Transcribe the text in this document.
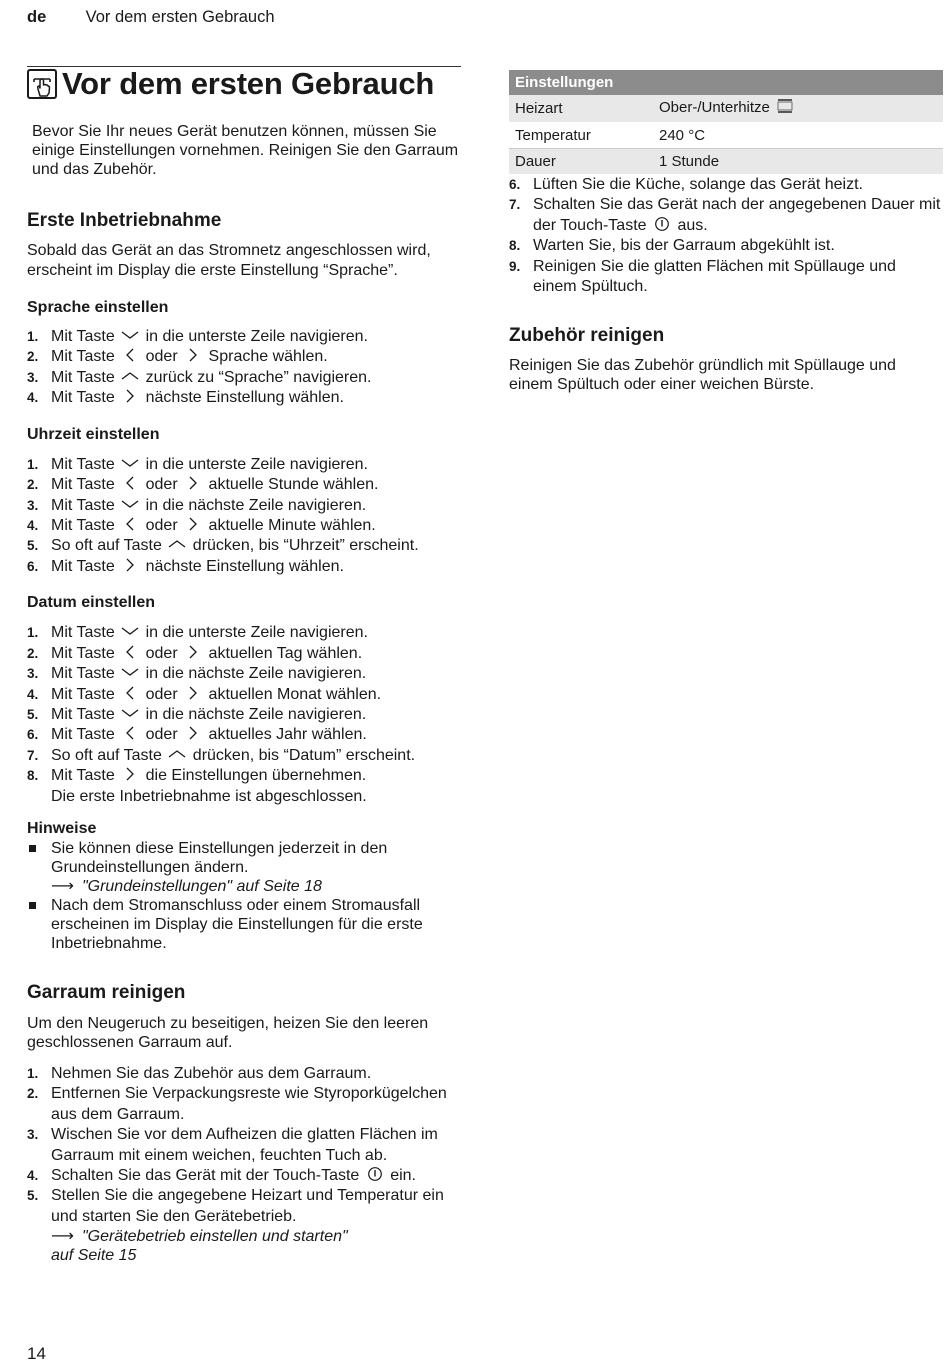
de Vor dem ersten Gebrauch
Vor dem ersten Gebrauch

Bevor Sie Ihr neues Gerät benutzen können, müssen Sie einige Einstellungen vornehmen. Reinigen Sie den Garraum und das Zubehör.

Erste Inbetriebnahme

Sobald das Gerät an das Stromnetz angeschlossen wird, erscheint im Display die erste Einstellung “Sprache”.

Sprache einstellen
1. Mit Taste
in die unterste Zeile navigieren.
2. Mit Taste
oder
Sprache wählen.
3. Mit Taste
zurück zu “Sprache” navigieren.
4. Mit Taste
nächste Einstellung wählen.
Uhrzeit einstellen
1. Mit Taste
in die unterste Zeile navigieren.
2. Mit Taste
oder
aktuelle Stunde wählen.
3. Mit Taste
in die nächste Zeile navigieren.
4. Mit Taste
oder
aktuelle Minute wählen.
5. So oft auf Taste
drücken, bis “Uhrzeit” erscheint.
6. Mit Taste
nächste Einstellung wählen.
Datum einstellen
1. Mit Taste
in die unterste Zeile navigieren.
2. Mit Taste
oder
aktuellen Tag wählen.
3. Mit Taste
in die nächste Zeile navigieren.
4. Mit Taste
oder
aktuellen Monat wählen.
5. Mit Taste
in die nächste Zeile navigieren.
6. Mit Taste
oder
aktuelles Jahr wählen.
7. So oft auf Taste
drücken, bis “Datum” erscheint.
8. Mit Taste
die Einstellungen übernehmen.

Die erste Inbetriebnahme ist abgeschlossen.

Hinweise
Sie können diese Einstellungen jederzeit in den Grundeinstellungen ändern.
⟶ "Grundeinstellungen" auf Seite 18
Nach dem Stromanschluss oder einem Stromausfall erscheinen im Display die Einstellungen für die erste Inbetriebnahme.
Garraum reinigen

Um den Neugeruch zu beseitigen, heizen Sie den leeren geschlossenen Garraum auf.

1. Nehmen Sie das Zubehör aus dem Garraum.
2. Entfernen Sie Verpackungsreste wie Styroporkügelchen aus dem Garraum.
3. Wischen Sie vor dem Aufheizen die glatten Flächen im Garraum mit einem weichen, feuchten Tuch ab.
4. Schalten Sie das Gerät mit der Touch-Taste
ein.
5. Stellen Sie die angegebene Heizart und Temperatur ein und starten Sie den Gerätebetrieb.

⟶ "Gerätebetrieb einstellen und starten"
auf Seite 15

Einstellungen	
Heizart	Ober-/Unterhitze
Temperatur	240 °C
Dauer	1 Stunde
6. Lüften Sie die Küche, solange das Gerät heizt.
7. Schalten Sie das Gerät nach der angegebenen Dauer mit der Touch-Taste
aus.
8. Warten Sie, bis der Garraum abgekühlt ist.
9. Reinigen Sie die glatten Flächen mit Spüllauge und einem Spültuch.
Zubehör reinigen

Reinigen Sie das Zubehör gründlich mit Spüllauge und einem Spültuch oder einer weichen Bürste.

14
